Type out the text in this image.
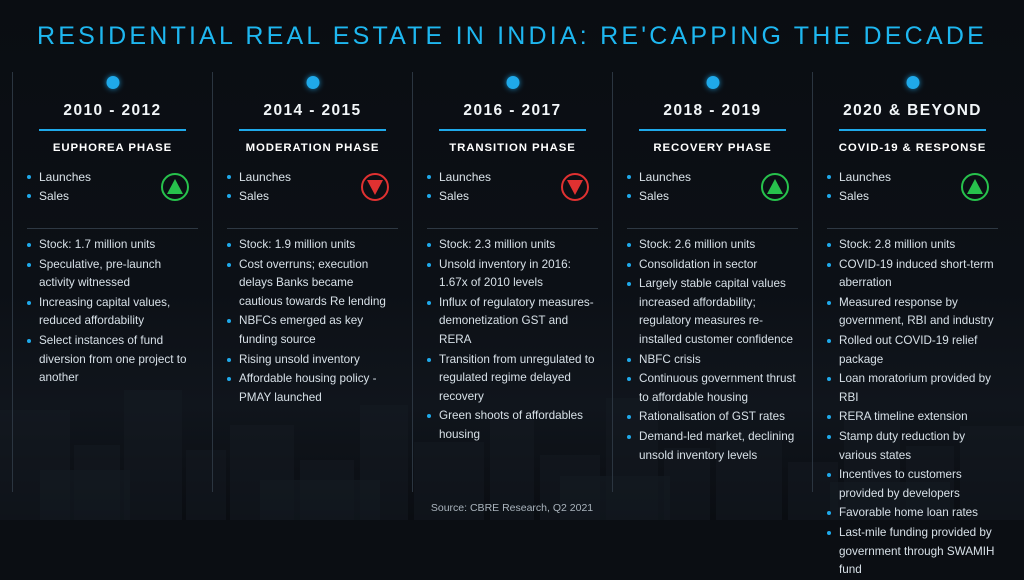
RESIDENTIAL REAL ESTATE IN INDIA: RE'CAPPING THE DECADE
2010 - 2012
EUPHOREA PHASE
Launches
Sales
Stock: 1.7 million units
Speculative, pre-launch activity witnessed
Increasing capital values, reduced affordability
Select instances of fund diversion from one project to another
2014 - 2015
MODERATION PHASE
Launches
Sales
Stock: 1.9 million units
Cost overruns; execution delays Banks became cautious towards Re lending
NBFCs emerged as key funding source
Rising unsold inventory
Affordable housing policy - PMAY launched
2016 - 2017
TRANSITION PHASE
Launches
Sales
Stock: 2.3 million units
Unsold inventory in 2016: 1.67x of 2010 levels
Influx of regulatory measures- demonetization GST and RERA
Transition from unregulated to regulated regime delayed recovery
Green shoots of affordables housing
2018 - 2019
RECOVERY PHASE
Launches
Sales
Stock: 2.6 million units
Consolidation in sector
Largely stable capital values increased affordability; regulatory measures re-installed customer confidence
NBFC crisis
Continuous government thrust to affordable housing
Rationalisation of GST rates
Demand-led market, declining unsold inventory levels
2020 & BEYOND
COVID-19 & RESPONSE
Launches
Sales
Stock: 2.8 million units
COVID-19 induced short-term aberration
Measured response by government, RBI and industry
Rolled out COVID-19 relief package
Loan moratorium provided by RBI
RERA timeline extension
Stamp duty reduction by various states
Incentives to customers provided by developers
Favorable home loan rates
Last-mile funding provided by government through SWAMIH fund
Source: CBRE Research, Q2 2021
